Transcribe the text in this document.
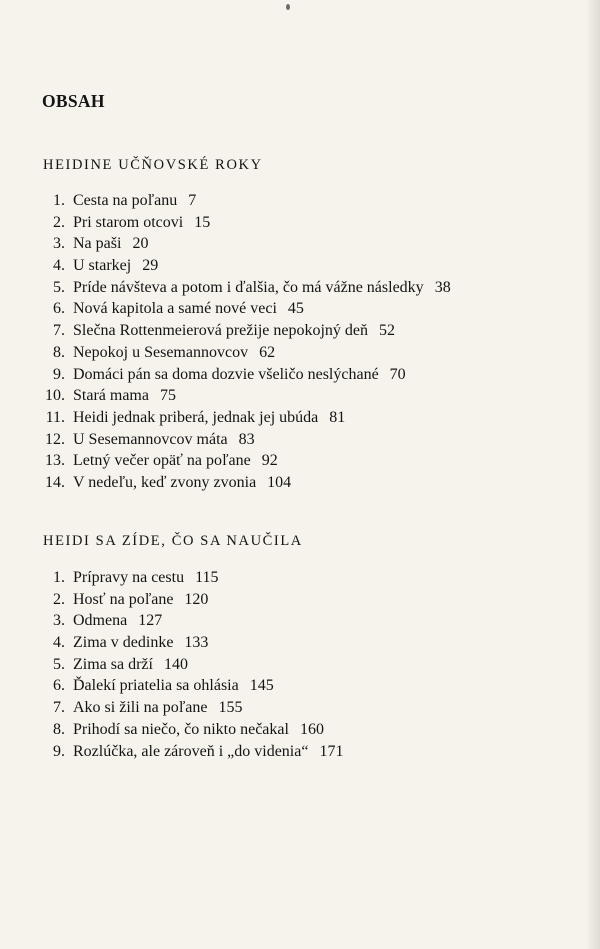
OBSAH
HEIDINE UČŇOVSKÉ ROKY
1. Cesta na poľanu 7
2. Pri starom otcovi 15
3. Na paši 20
4. U starkej 29
5. Príde návšteva a potom i ďalšia, čo má vážne následky 38
6. Nová kapitola a samé nové veci 45
7. Slečna Rottenmeierová prežije nepokojný deň 52
8. Nepokoj u Sesemannovcov 62
9. Domáci pán sa doma dozvie všeličo neslýchané 70
10. Stará mama 75
11. Heidi jednak priberá, jednak jej ubúda 81
12. U Sesemannovcov máta 83
13. Letný večer opäť na poľane 92
14. V nedeľu, keď zvony zvonia 104
HEIDI SA ZÍDE, ČO SA NAUČILA
1. Prípravy na cestu 115
2. Hosť na poľane 120
3. Odmena 127
4. Zima v dedinke 133
5. Zima sa drží 140
6. Ďalekí priatelia sa ohlásia 145
7. Ako si žili na poľane 155
8. Prihodí sa niečo, čo nikto nečakal 160
9. Rozlúčka, ale zároveň i „do videnia“ 171
